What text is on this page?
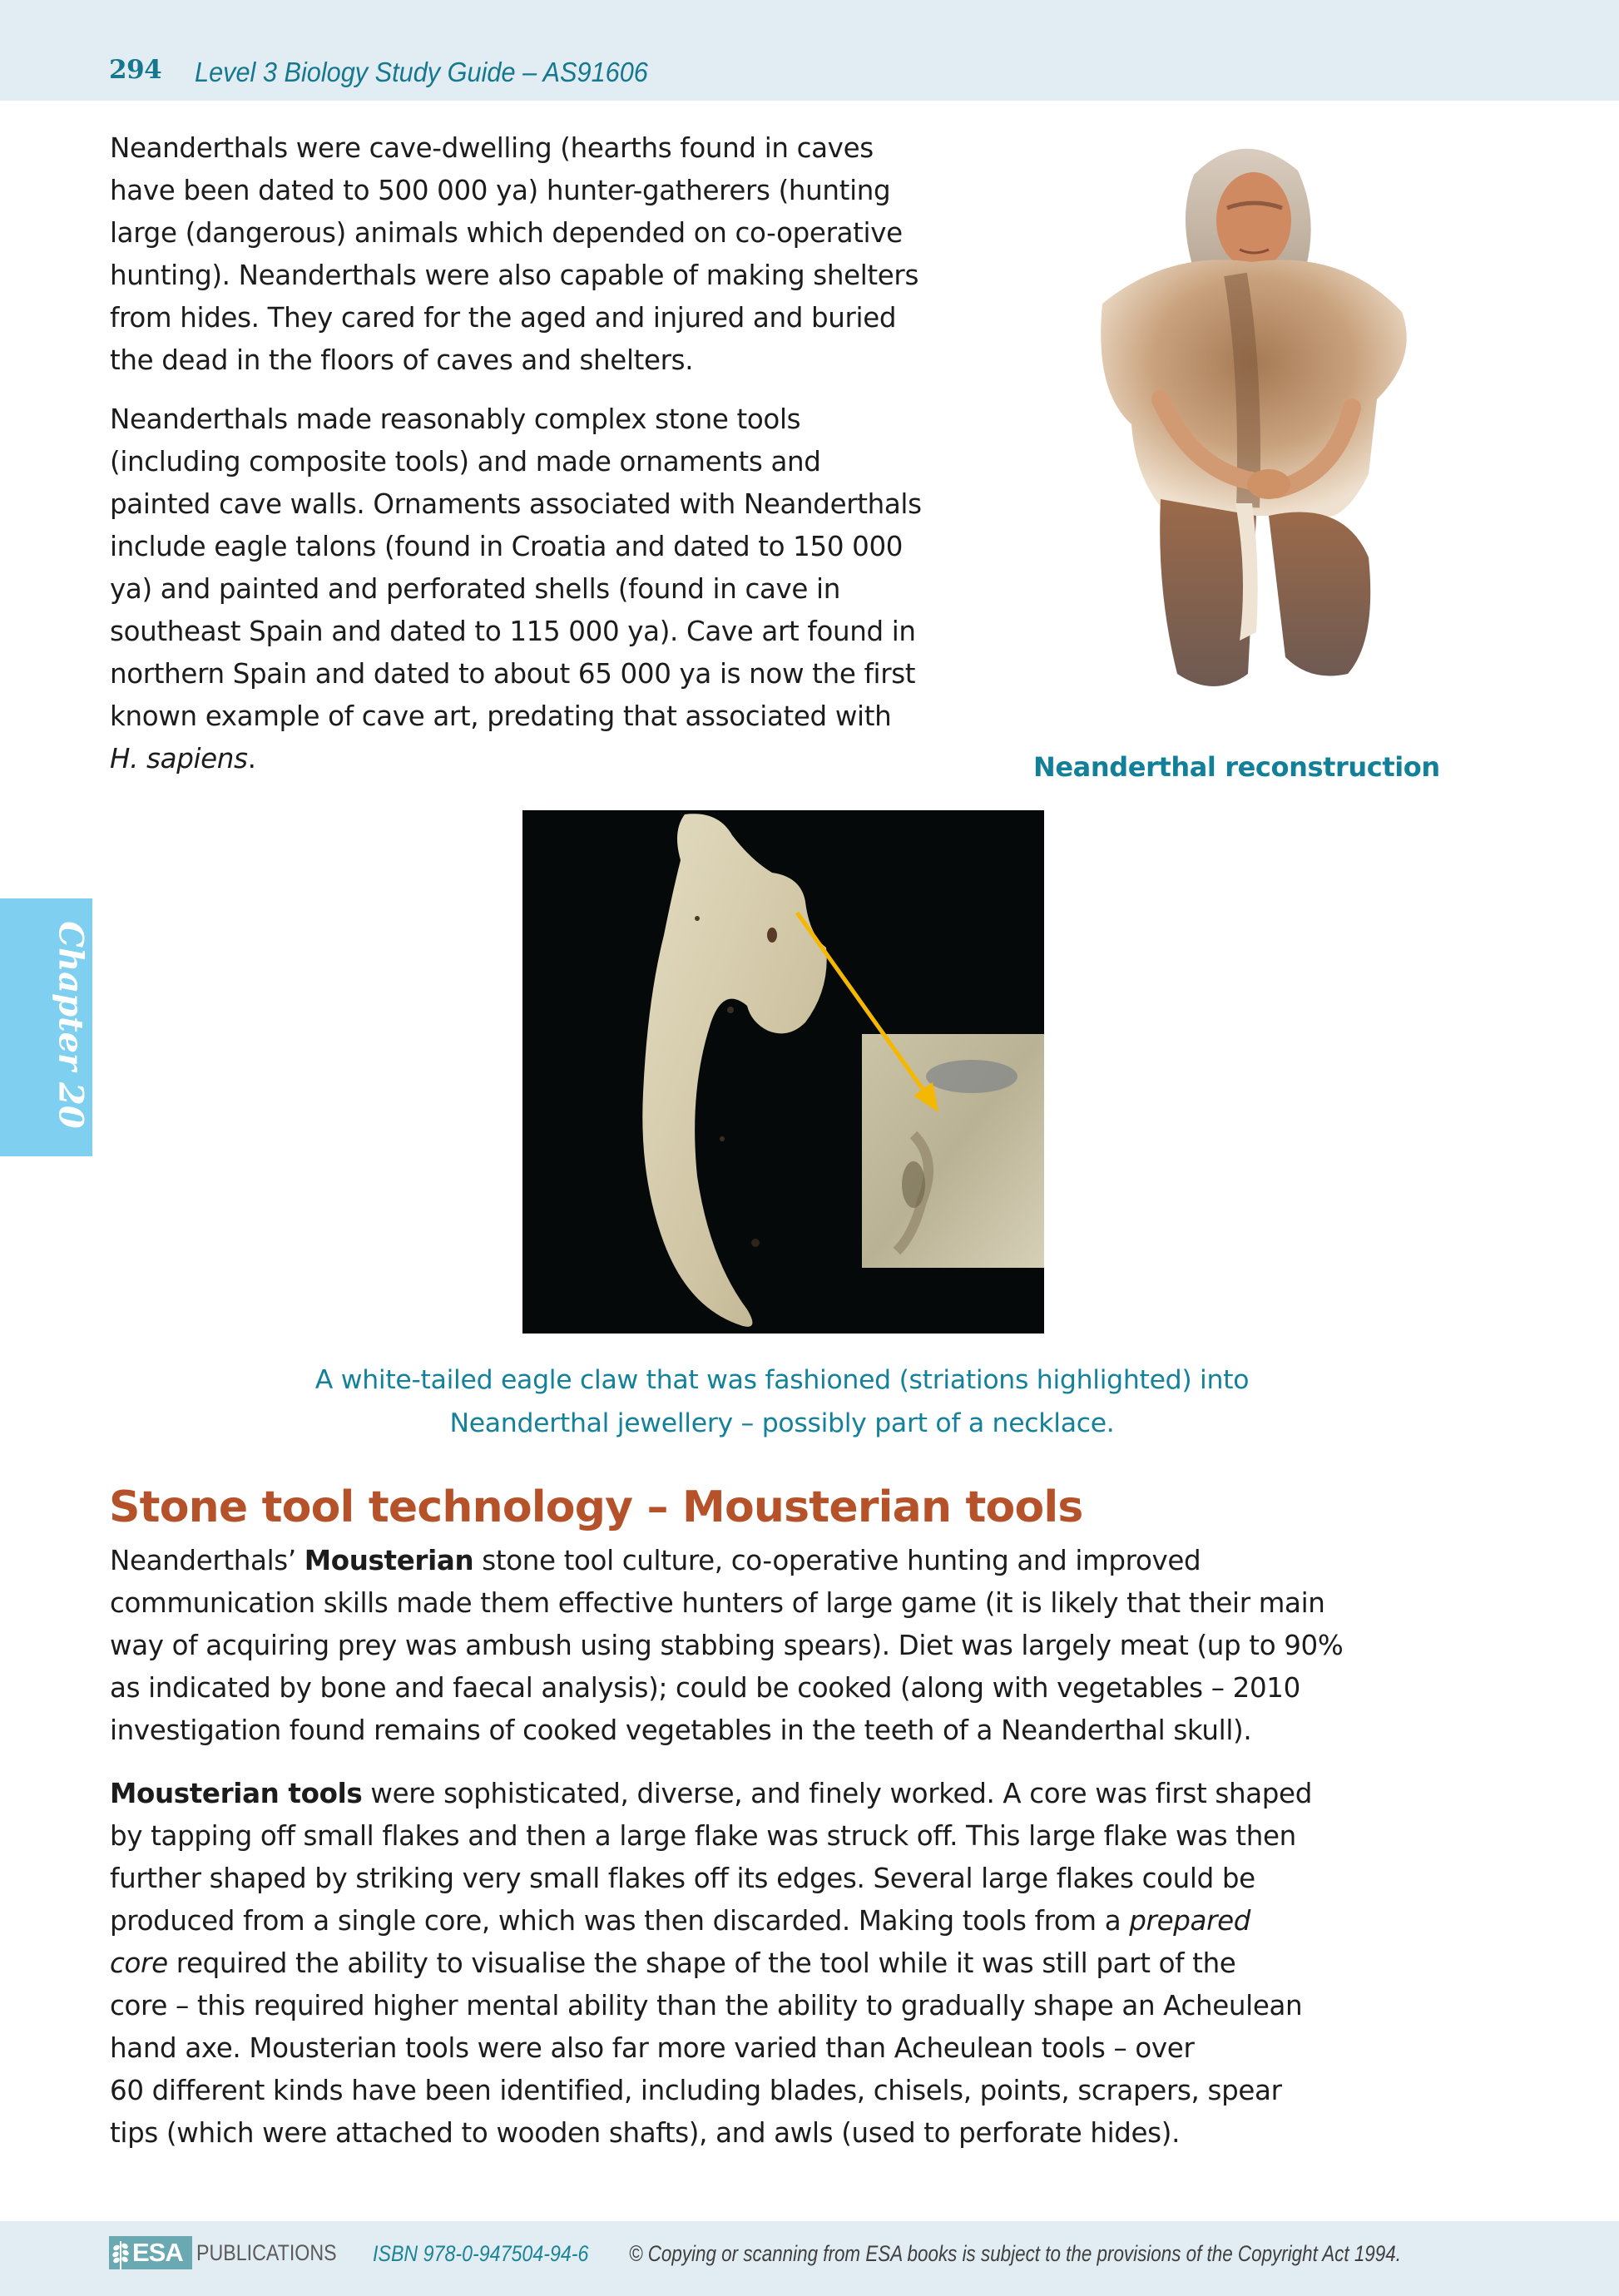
294 Level 3 Biology Study Guide – AS91606
Neanderthals were cave-dwelling (hearths found in caves
have been dated to 500 000 ya) hunter-gatherers (hunting
large (dangerous) animals which depended on co-operative
hunting). Neanderthals were also capable of making shelters
from hides. They cared for the aged and injured and buried
the dead in the floors of caves and shelters.
Neanderthals made reasonably complex stone tools
(including composite tools) and made ornaments and
painted cave walls. Ornaments associated with Neanderthals
include eagle talons (found in Croatia and dated to 150 000
ya) and painted and perforated shells (found in cave in
southeast Spain and dated to 115 000 ya). Cave art found in
northern Spain and dated to about 65 000 ya is now the first
known example of cave art, predating that associated with
H. sapiens.	Neanderthal reconstruction
Chapter 20
A white-tailed eagle claw that was fashioned (striations highlighted) into
Neanderthal jewellery – possibly part of a necklace.
Stone tool technology – Mousterian tools
Neanderthals’ Mousterian stone tool culture, co-operative hunting and improved
communication skills made them effective hunters of large game (it is likely that their main
way of acquiring prey was ambush using stabbing spears). Diet was largely meat (up to 90%
as indicated by bone and faecal analysis); could be cooked (along with vegetables – 2010
investigation found remains of cooked vegetables in the teeth of a Neanderthal skull).
Mousterian tools were sophisticated, diverse, and finely worked. A core was first shaped
by tapping off small flakes and then a large flake was struck off. This large flake was then
further shaped by striking very small flakes off its edges. Several large flakes could be
produced from a single core, which was then discarded. Making tools from a prepared
core required the ability to visualise the shape of the tool while it was still part of the
core – this required higher mental ability than the ability to gradually shape an Acheulean
hand axe. Mousterian tools were also far more varied than Acheulean tools – over
60 different kinds have been identified, including blades, chisels, points, scrapers, spear
tips (which were attached to wooden shafts), and awls (used to perforate hides).
ESA PUBLICATIONS ISBN 978-0-947504-94-6 © Copying or scanning from ESA books is subject to the provisions of the Copyright Act 1994.
